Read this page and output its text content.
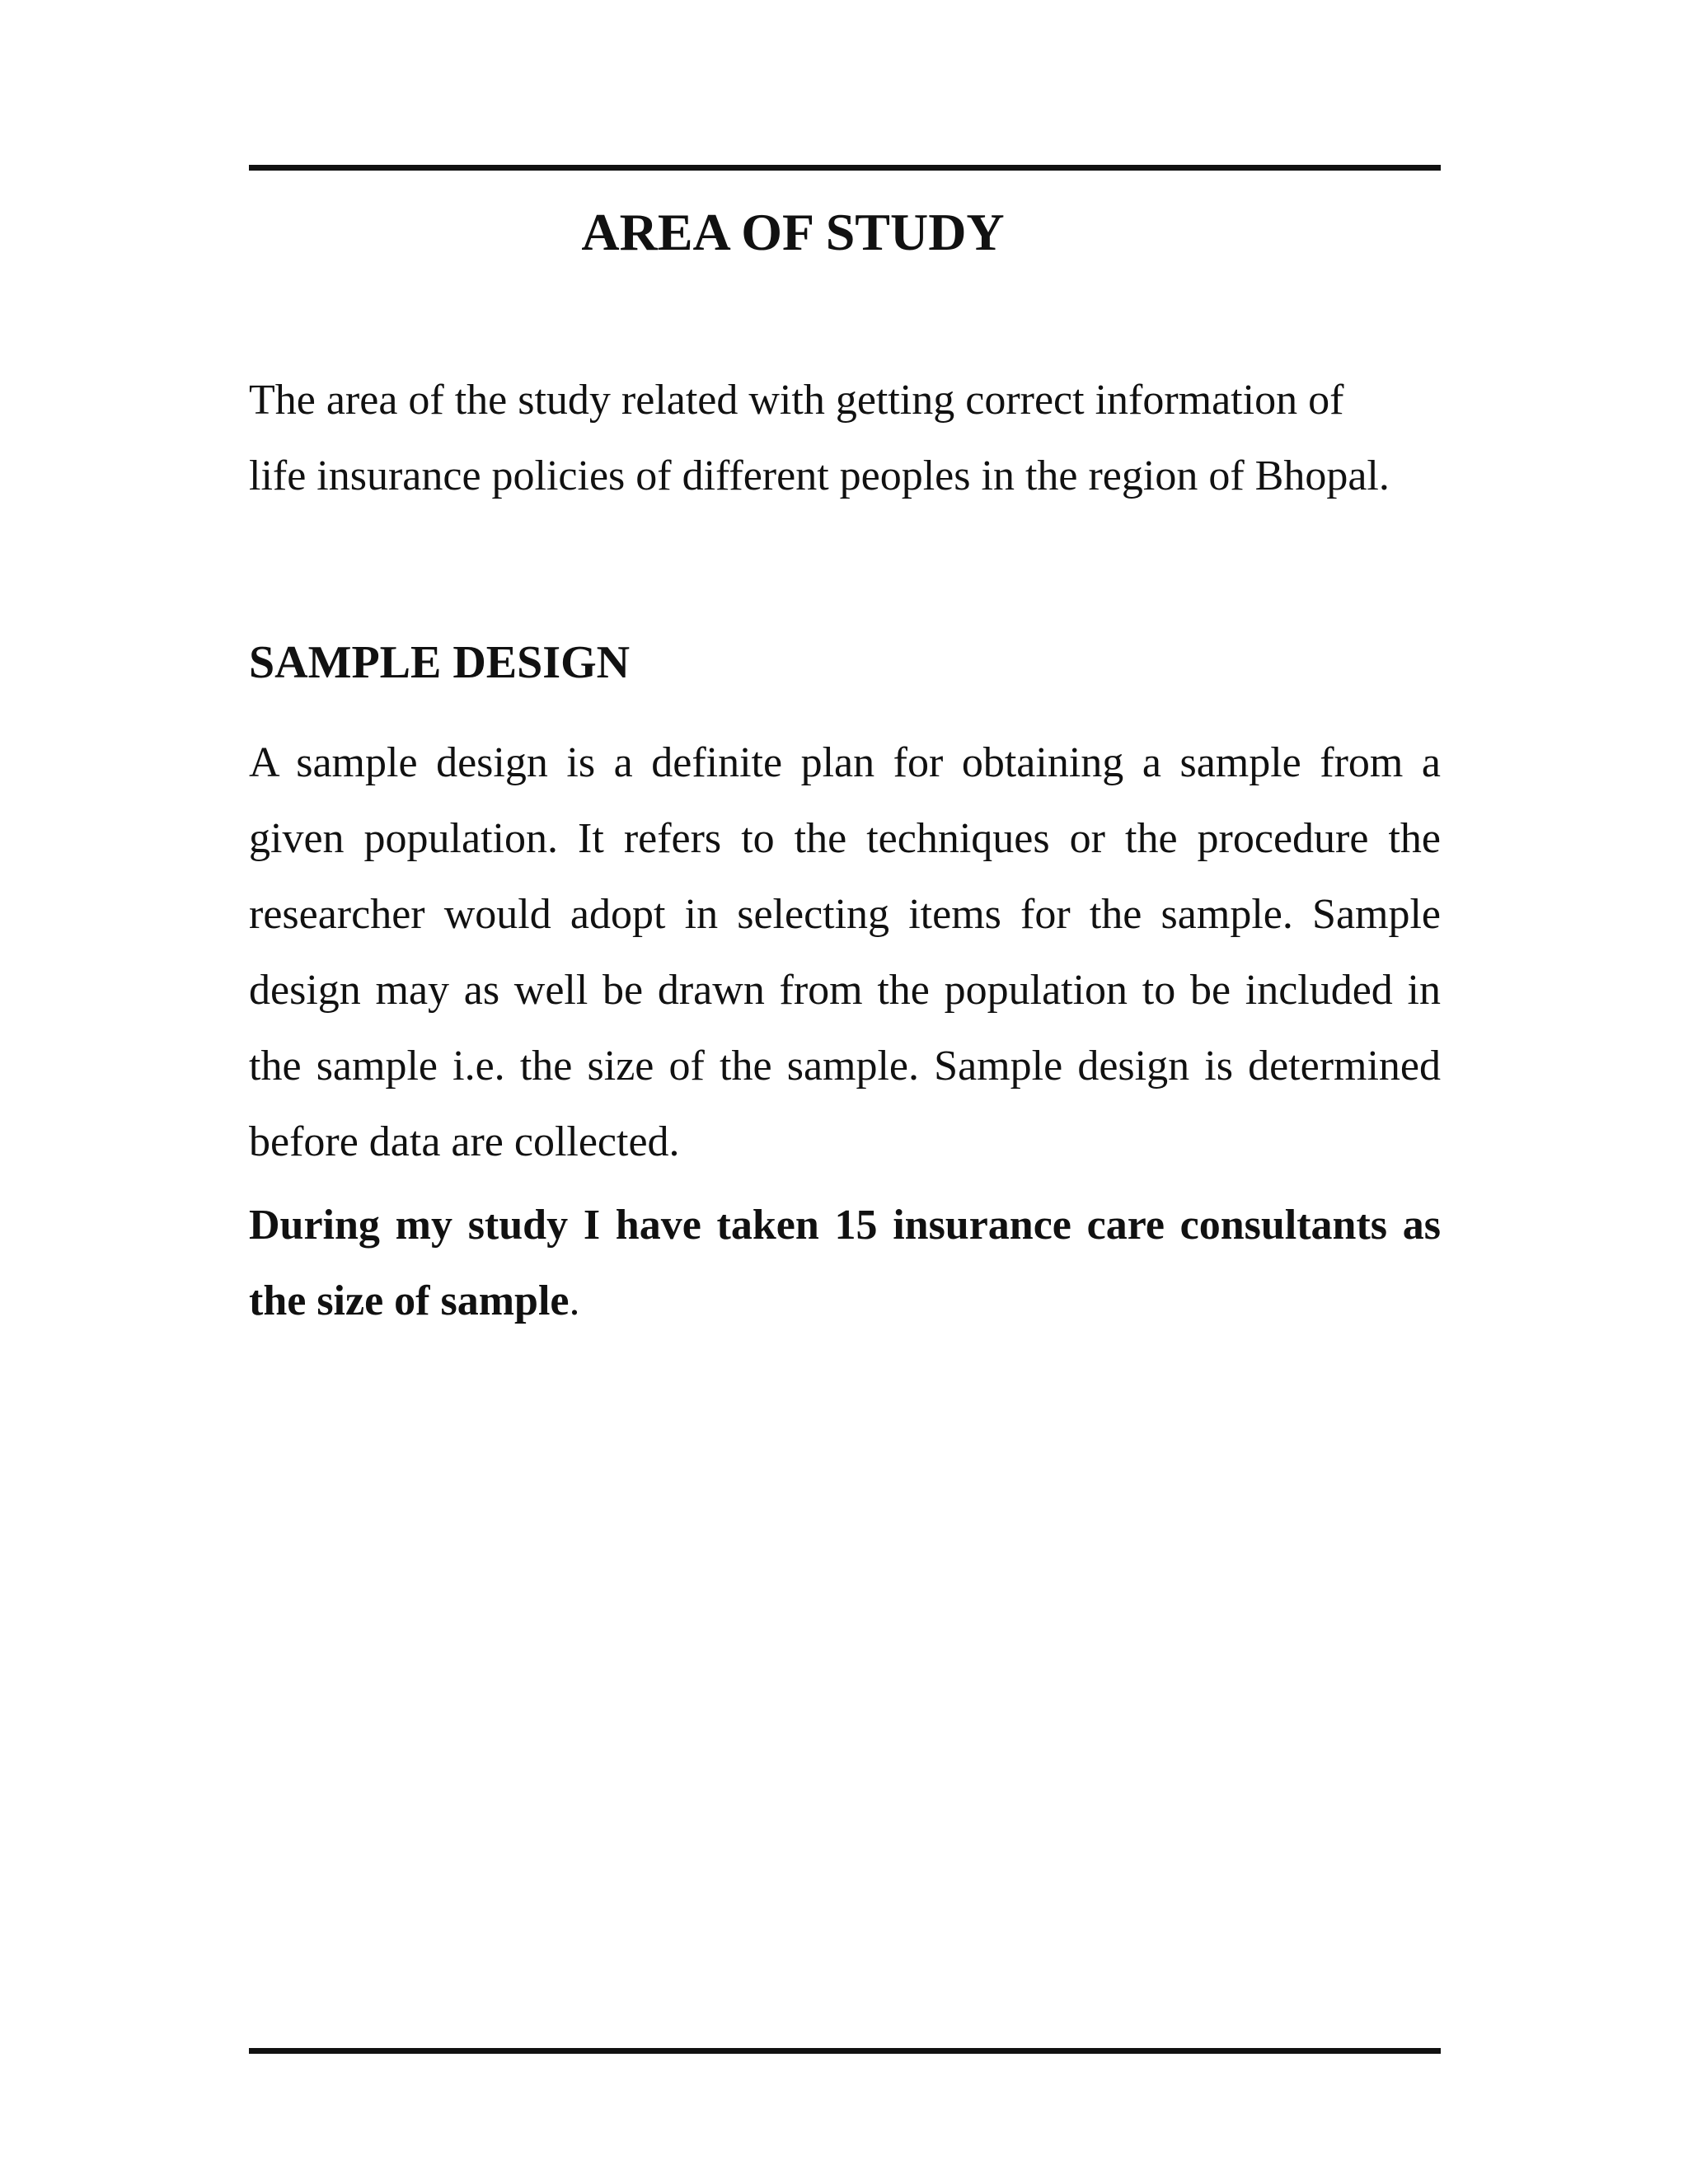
AREA OF STUDY

The area of the study related with getting correct information of
life insurance policies of different peoples in the region of Bhopal.

SAMPLE DESIGN

A sample design is a definite plan for obtaining a sample from a given population. It refers to the techniques or the procedure the researcher would adopt in selecting items for the sample. Sample design may as well be drawn from the population to be included in the sample i.e. the size of the sample. Sample design is determined before data are collected.

During my study I have taken 15 insurance care consultants as the size of sample.
